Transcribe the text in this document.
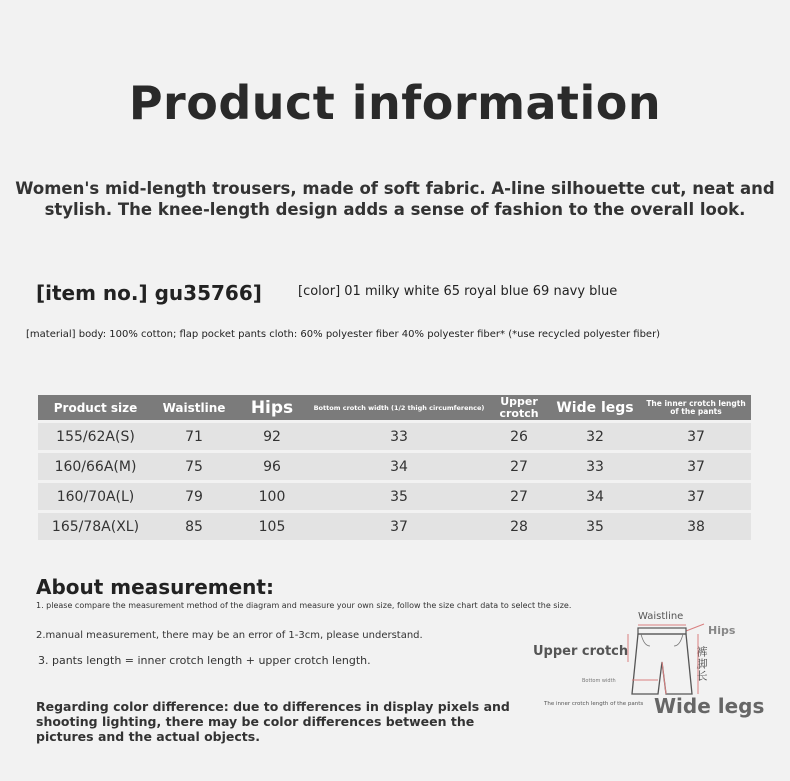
Product information
Women's mid-length trousers, made of soft fabric. A-line silhouette cut, neat and stylish. The knee-length design adds a sense of fashion to the overall look.
[item no.] gu35766]	[color] 01 milky white 65 royal blue 69 navy blue
[material] body: 100% cotton; flap pocket pants cloth: 60% polyester fiber 40% polyester fiber* (*use recycled polyester fiber)
Product size	Waistline	Hips	Bottom crotch width (1/2 thigh circumference)	Upper crotch	Wide legs	The inner crotch length of the pants
155/62A(S)	71	92	33	26	32	37
160/66A(M)	75	96	34	27	33	37
160/70A(L)	79	100	35	27	34	37
165/78A(XL)	85	105	37	28	35	38
About measurement:
1. please compare the measurement method of the diagram and measure your own size, follow the size chart data to select the size.
2.manual measurement, there may be an error of 1-3cm, please understand.
3. pants length = inner crotch length + upper crotch length.
Regarding color difference: due to differences in display pixels and shooting lighting, there may be color differences between the pictures and the actual objects.
Waistline
Hips
Upper crotch
Bottom width
The inner crotch length of the pants Wide legs
裤脚长
